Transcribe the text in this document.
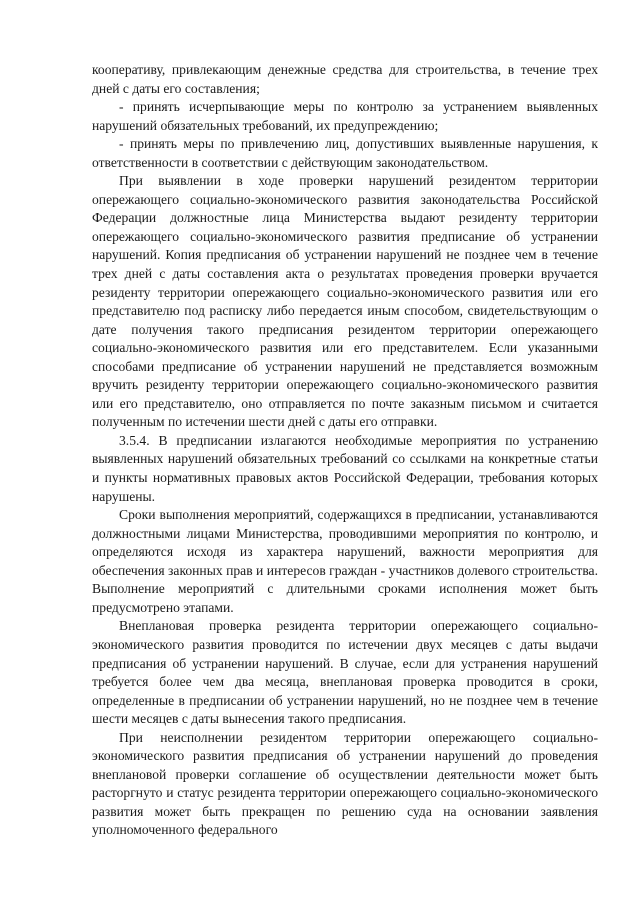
кооперативу, привлекающим денежные средства для строительства, в течение трех дней с даты его составления;

- принять исчерпывающие меры по контролю за устранением выявленных нарушений обязательных требований, их предупреждению;

- принять меры по привлечению лиц, допустивших выявленные нарушения, к ответственности в соответствии с действующим законодательством.

При выявлении в ходе проверки нарушений резидентом территории опережающего социально-экономического развития законодательства Российской Федерации должностные лица Министерства выдают резиденту территории опережающего социально-экономического развития предписание об устранении нарушений. Копия предписания об устранении нарушений не позднее чем в течение трех дней с даты составления акта о результатах проведения проверки вручается резиденту территории опережающего социально-экономического развития или его представителю под расписку либо передается иным способом, свидетельствующим о дате получения такого предписания резидентом территории опережающего социально-экономического развития или его представителем. Если указанными способами предписание об устранении нарушений не представляется возможным вручить резиденту территории опережающего социально-экономического развития или его представителю, оно отправляется по почте заказным письмом и считается полученным по истечении шести дней с даты его отправки.

3.5.4. В предписании излагаются необходимые мероприятия по устранению выявленных нарушений обязательных требований со ссылками на конкретные статьи и пункты нормативных правовых актов Российской Федерации, требования которых нарушены.

Сроки выполнения мероприятий, содержащихся в предписании, устанавливаются должностными лицами Министерства, проводившими мероприятия по контролю, и определяются исходя из характера нарушений, важности мероприятия для обеспечения законных прав и интересов граждан - участников долевого строительства. Выполнение мероприятий с длительными сроками исполнения может быть предусмотрено этапами.

Внеплановая проверка резидента территории опережающего социально-экономического развития проводится по истечении двух месяцев с даты выдачи предписания об устранении нарушений. В случае, если для устранения нарушений требуется более чем два месяца, внеплановая проверка проводится в сроки, определенные в предписании об устранении нарушений, но не позднее чем в течение шести месяцев с даты вынесения такого предписания.

При неисполнении резидентом территории опережающего социально-экономического развития предписания об устранении нарушений до проведения внеплановой проверки соглашение об осуществлении деятельности может быть расторгнуто и статус резидента территории опережающего социально-экономического развития может быть прекращен по решению суда на основании заявления уполномоченного федерального
